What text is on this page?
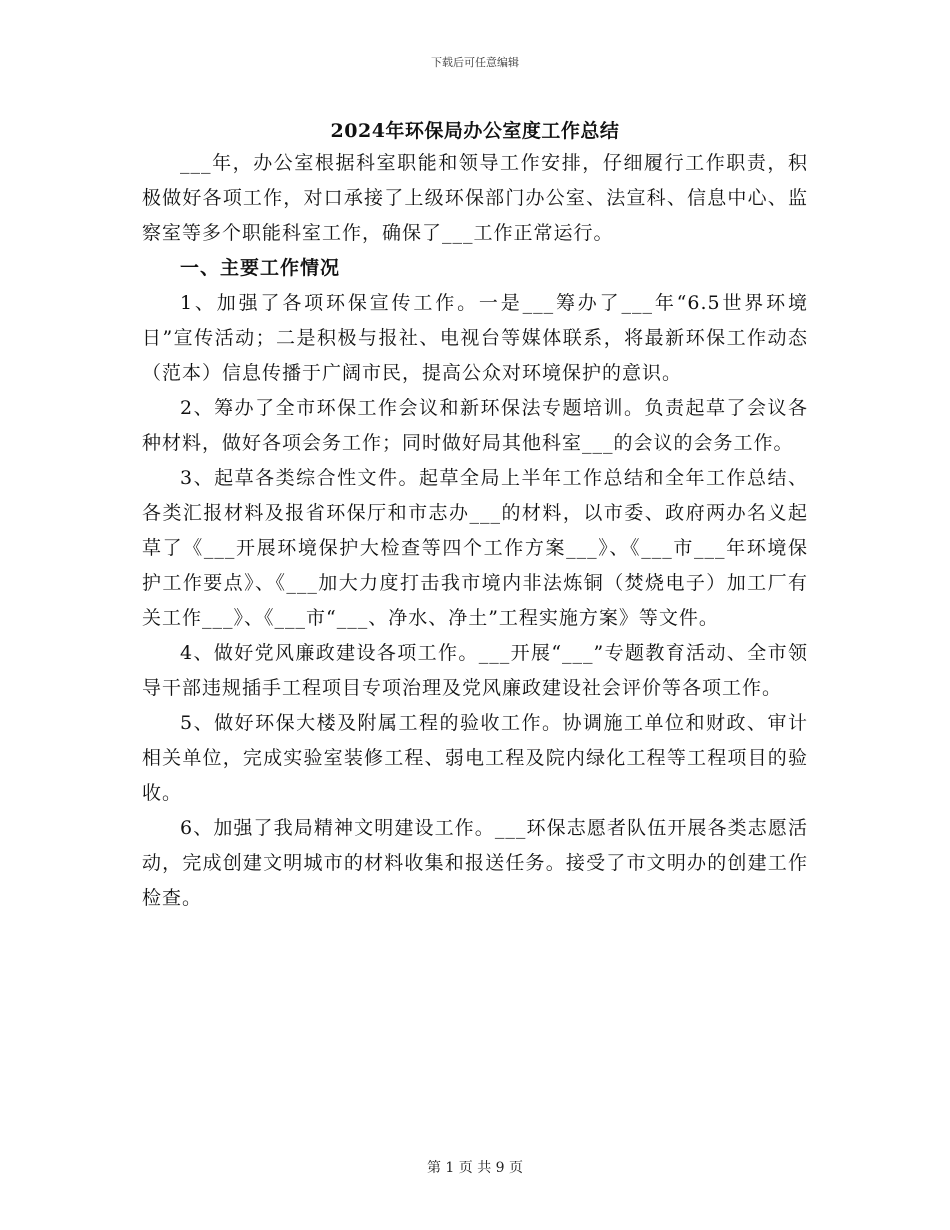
下载后可任意编辑
2024年环保局办公室度工作总结

___年，办公室根据科室职能和领导工作安排，仔细履行工作职责，积极做好各项工作，对口承接了上级环保部门办公室、法宣科、信息中心、监察室等多个职能科室工作，确保了___工作正常运行。

一、主要工作情况

1、加强了各项环保宣传工作。一是___筹办了___年“6.5世界环境日”宣传活动；二是积极与报社、电视台等媒体联系，将最新环保工作动态（范本）信息传播于广阔市民，提高公众对环境保护的意识。

2、筹办了全市环保工作会议和新环保法专题培训。负责起草了会议各种材料，做好各项会务工作；同时做好局其他科室___的会议的会务工作。

3、起草各类综合性文件。起草全局上半年工作总结和全年工作总结、各类汇报材料及报省环保厅和市志办___的材料，以市委、政府两办名义起草了《___开展环境保护大检查等四个工作方案___》、《___市___年环境保护工作要点》、《___加大力度打击我市境内非法炼铜（焚烧电子）加工厂有关工作___》、《___市“___、净水、净土”工程实施方案》等文件。

4、做好党风廉政建设各项工作。___开展“___”专题教育活动、全市领导干部违规插手工程项目专项治理及党风廉政建设社会评价等各项工作。

5、做好环保大楼及附属工程的验收工作。协调施工单位和财政、审计相关单位，完成实验室装修工程、弱电工程及院内绿化工程等工程项目的验收。

6、加强了我局精神文明建设工作。___环保志愿者队伍开展各类志愿活动，完成创建文明城市的材料收集和报送任务。接受了市文明办的创建工作检查。

第 1 页 共 9 页
